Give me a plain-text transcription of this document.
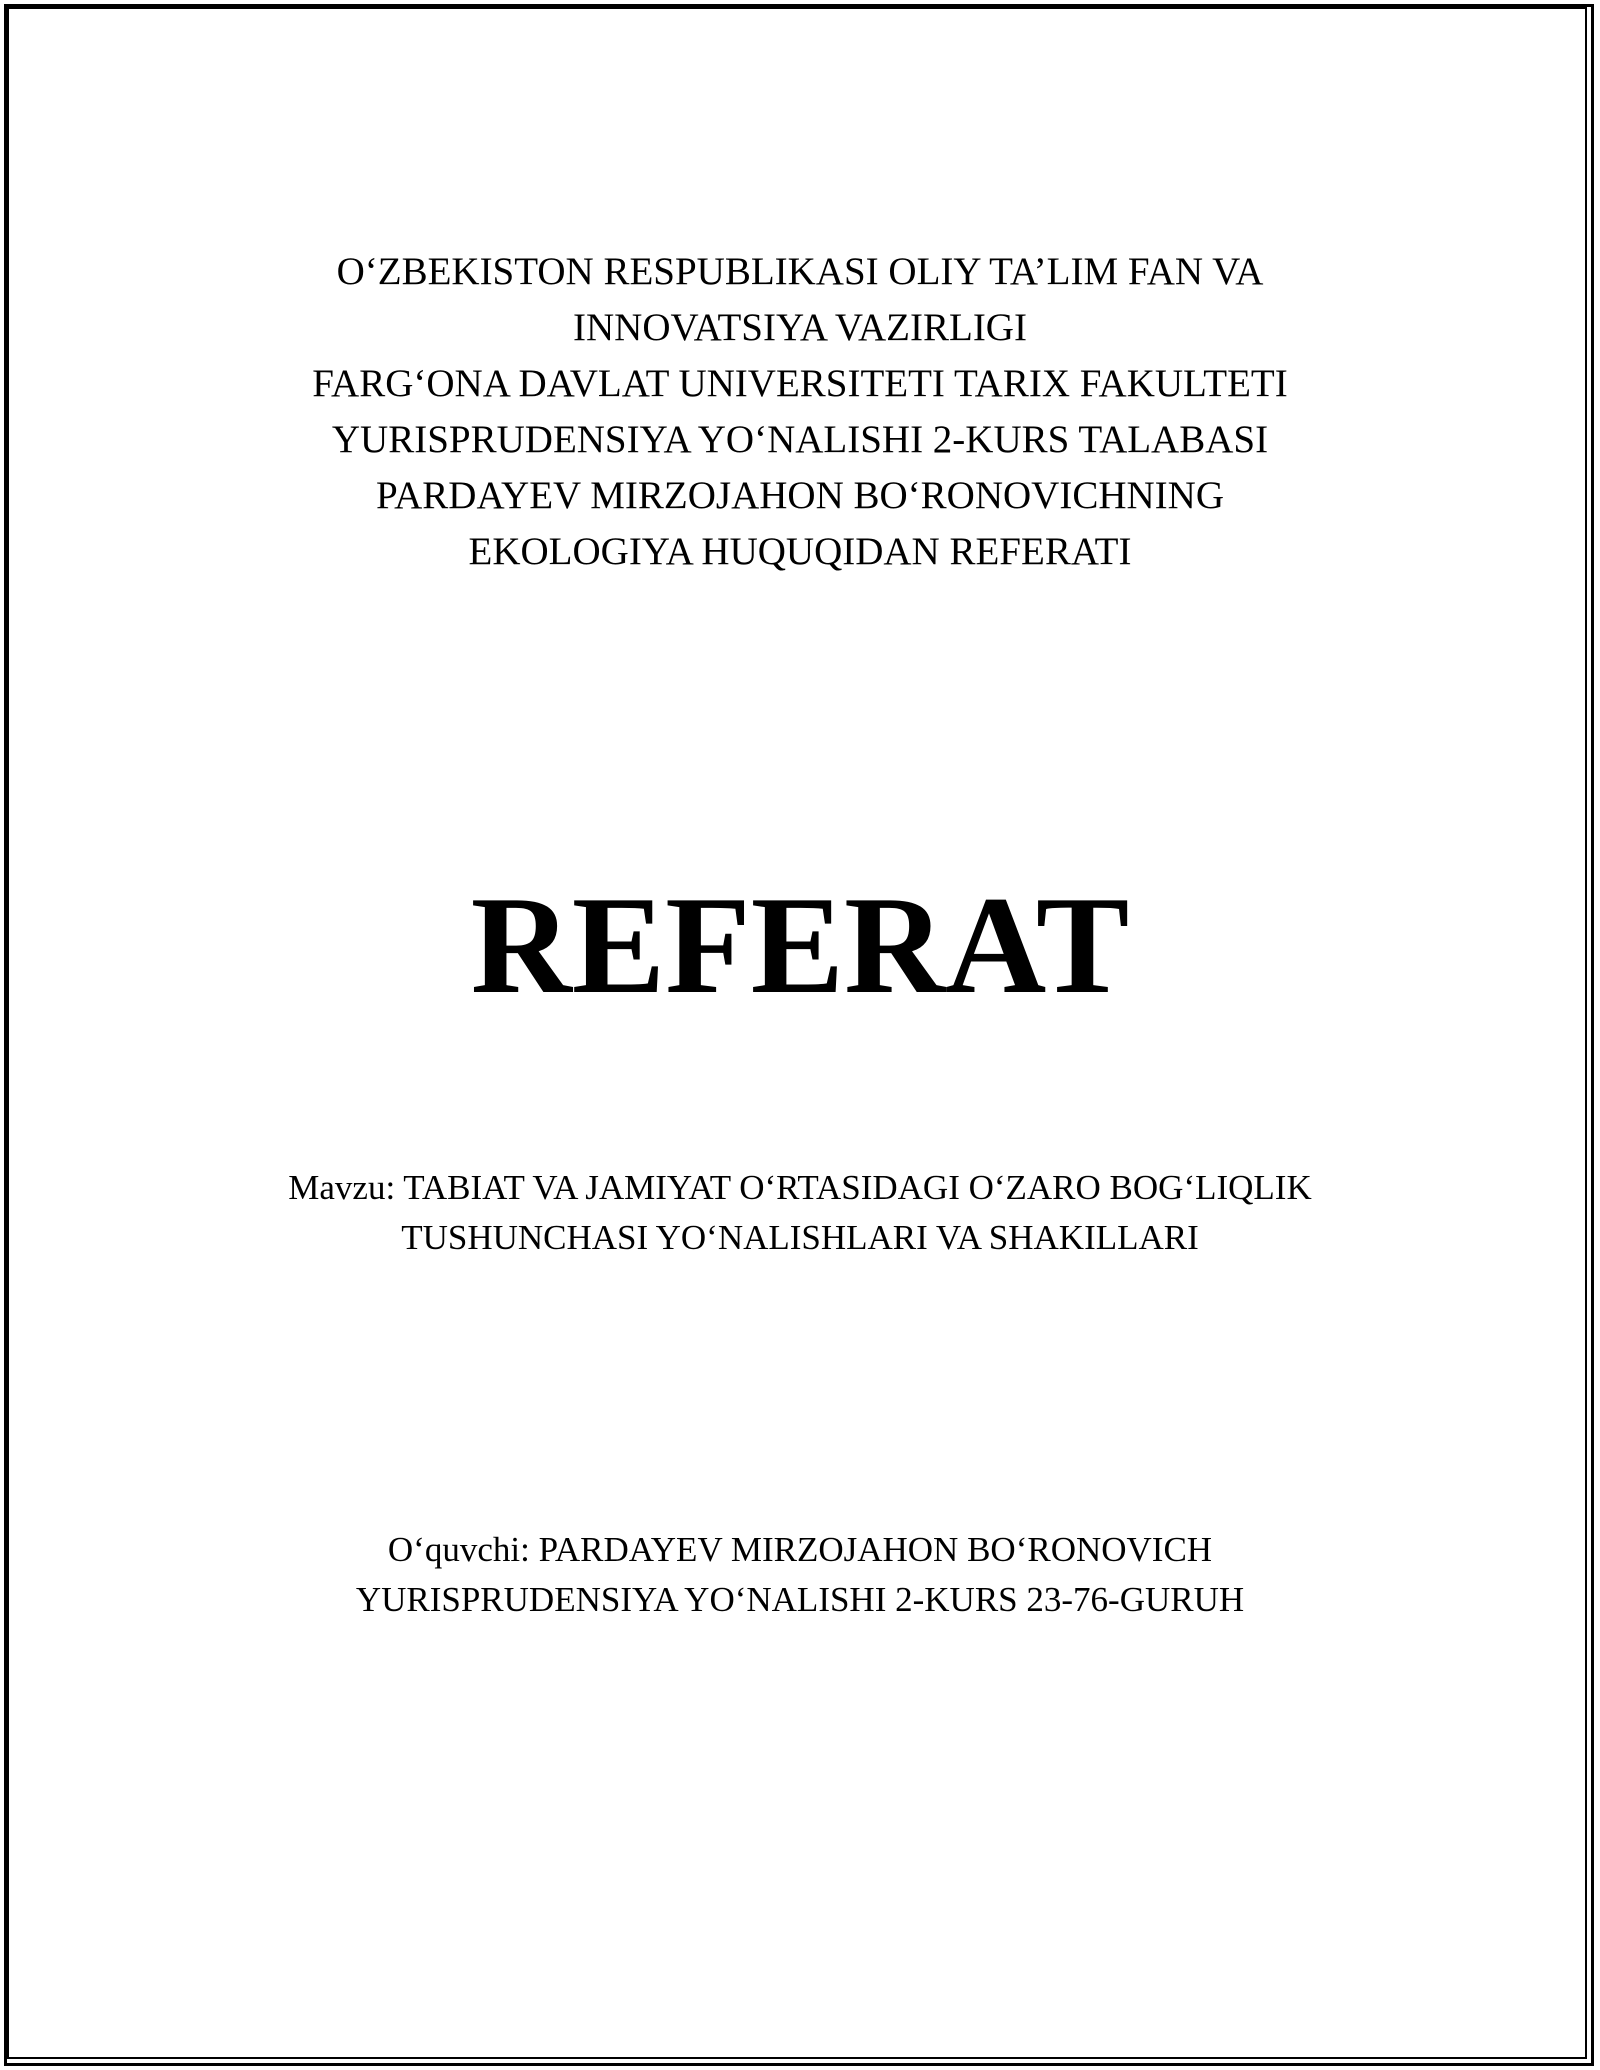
O‘ZBEKISTON RESPUBLIKASI OLIY TA’LIM FAN VA
INNOVATSIYA VAZIRLIGI
FARG‘ONA DAVLAT UNIVERSITETI TARIX FAKULTETI
YURISPRUDENSIYA YO‘NALISHI 2-KURS TALABASI
PARDAYEV MIRZOJAHON BO‘RONOVICHNING
EKOLOGIYA HUQUQIDAN REFERATI
REFERAT
Mavzu: TABIAT VA JAMIYAT O‘RTASIDAGI O‘ZARO BOG‘LIQLIK
TUSHUNCHASI YO‘NALISHLARI VA SHAKILLARI
O‘quvchi: PARDAYEV MIRZOJAHON BO‘RONOVICH
YURISPRUDENSIYA YO‘NALISHI 2-KURS 23-76-GURUH
